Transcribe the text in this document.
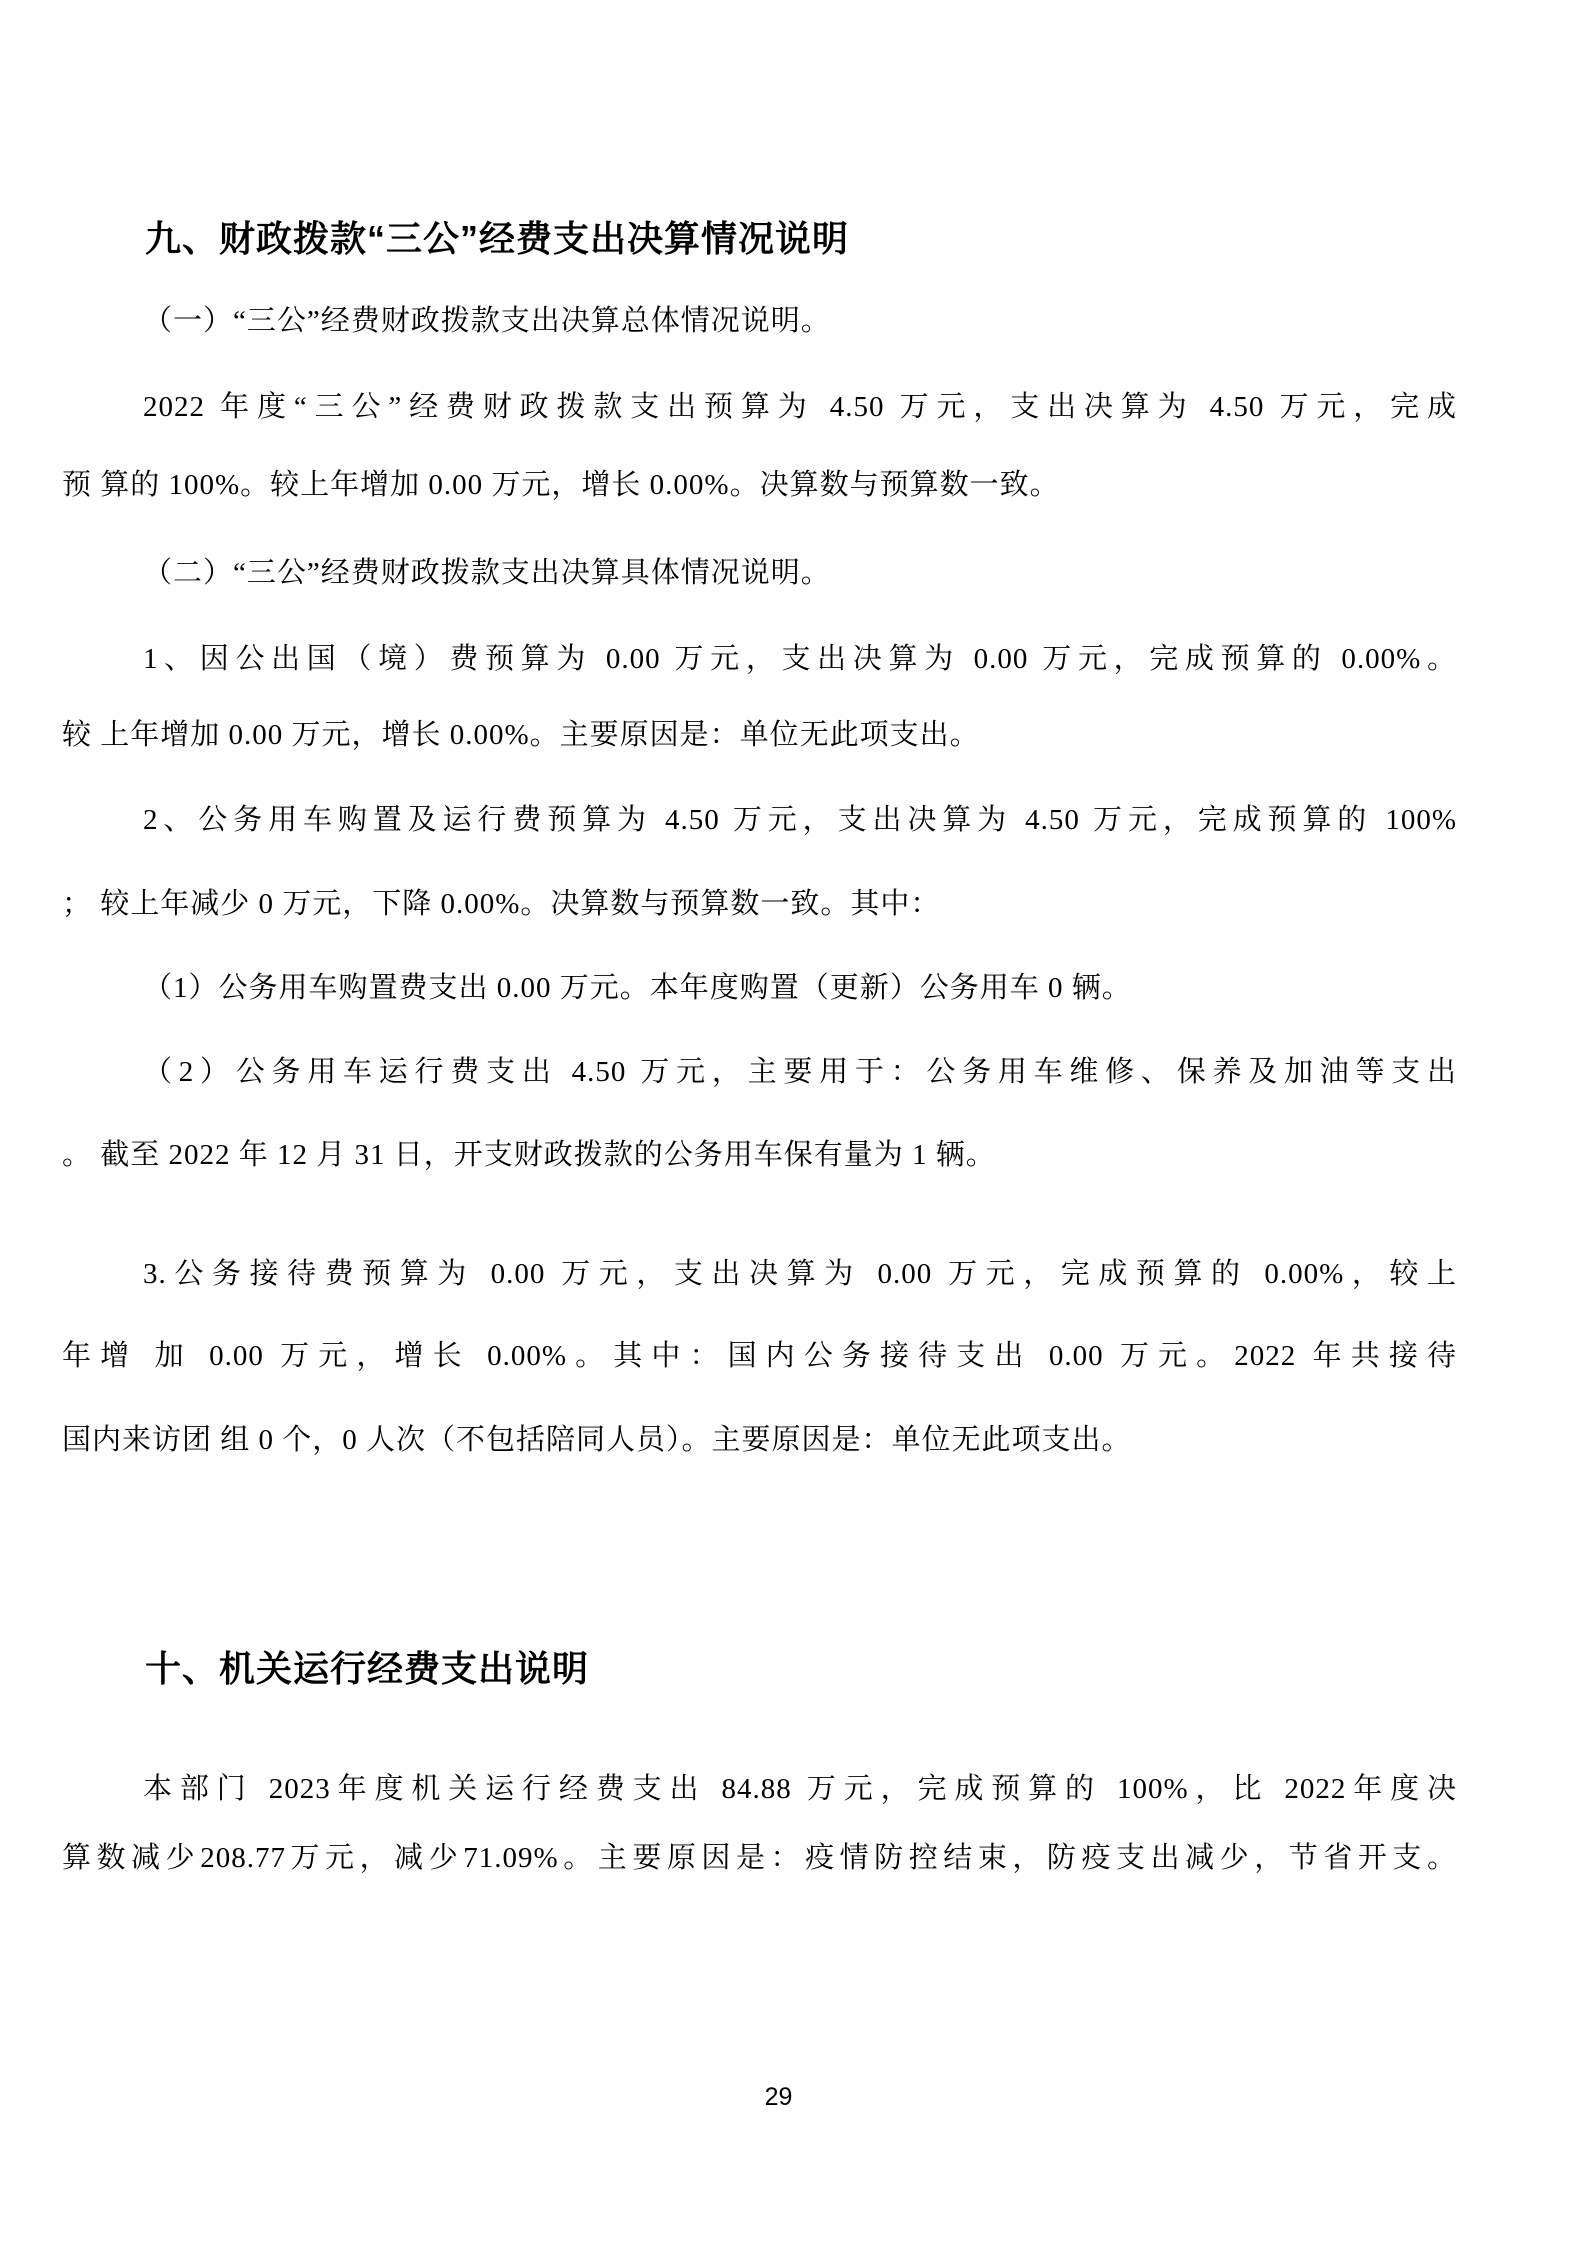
九、财政拨款“三公”经费支出决算情况说明
（一）“三公”经费财政拨款支出决算总体情况说明。
2022 年度“三公”经费财政拨款支出预算为 4.50 万元，支出决算为 4.50 万元，完成
预 算的 100%。较上年增加 0.00 万元，增长 0.00%。决算数与预算数一致。
（二）“三公”经费财政拨款支出决算具体情况说明。
1、因公出国（境）费预算为 0.00 万元，支出决算为 0.00 万元，完成预算的 0.00%。
较 上年增加 0.00 万元，增长 0.00%。主要原因是：单位无此项支出。
2、公务用车购置及运行费预算为 4.50 万元，支出决算为 4.50 万元，完成预算的 100%
； 较上年减少 0 万元，下降 0.00%。决算数与预算数一致。其中：
（1）公务用车购置费支出 0.00 万元。本年度购置（更新）公务用车 0 辆。
（2）公务用车运行费支出 4.50 万元，主要用于：公务用车维修、保养及加油等支出
。 截至 2022 年 12 月 31 日，开支财政拨款的公务用车保有量为 1 辆。
3.公务接待费预算为 0.00 万元，支出决算为 0.00 万元，完成预算的 0.00%，较上
年增 加 0.00 万元，增长 0.00%。其中：国内公务接待支出 0.00 万元。2022 年共接待
国内来访团 组 0 个，0 人次（不包括陪同人员）。主要原因是：单位无此项支出。
十、机关运行经费支出说明
本部门 2023年度机关运行经费支出 84.88 万元，完成预算的 100%，比 2022年度决
算数减少208.77万元，减少71.09%。主要原因是：疫情防控结束，防疫支出减少，节省开支。
29
